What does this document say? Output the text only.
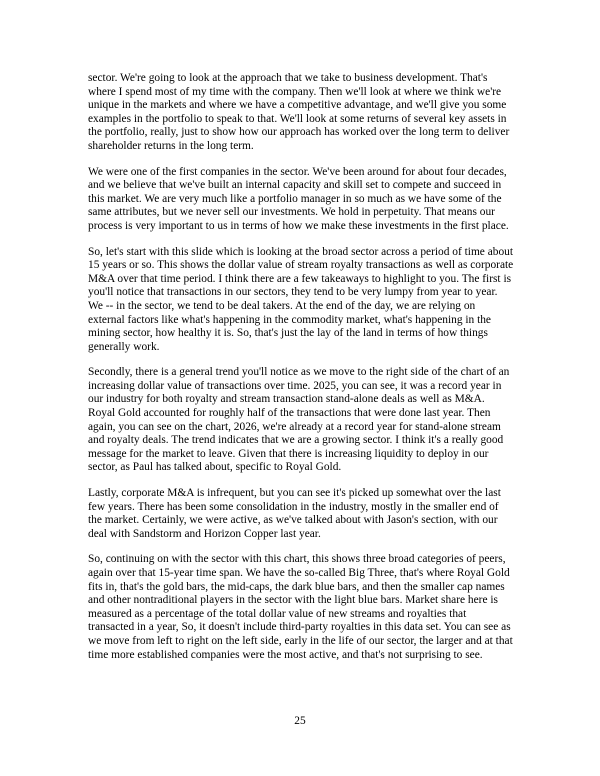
sector. We're going to look at the approach that we take to business development. That's where I spend most of my time with the company. Then we'll look at where we think we're unique in the markets and where we have a competitive advantage, and we'll give you some examples in the portfolio to speak to that. We'll look at some returns of several key assets in the portfolio, really, just to show how our approach has worked over the long term to deliver shareholder returns in the long term.

We were one of the first companies in the sector. We've been around for about four decades, and we believe that we've built an internal capacity and skill set to compete and succeed in this market. We are very much like a portfolio manager in so much as we have some of the same attributes, but we never sell our investments. We hold in perpetuity. That means our process is very important to us in terms of how we make these investments in the first place.

So, let's start with this slide which is looking at the broad sector across a period of time about 15 years or so. This shows the dollar value of stream royalty transactions as well as corporate M&A over that time period. I think there are a few takeaways to highlight to you. The first is you'll notice that transactions in our sectors, they tend to be very lumpy from year to year. We -- in the sector, we tend to be deal takers. At the end of the day, we are relying on external factors like what's happening in the commodity market, what's happening in the mining sector, how healthy it is. So, that's just the lay of the land in terms of how things generally work.

Secondly, there is a general trend you'll notice as we move to the right side of the chart of an increasing dollar value of transactions over time. 2025, you can see, it was a record year in our industry for both royalty and stream transaction stand-alone deals as well as M&A. Royal Gold accounted for roughly half of the transactions that were done last year. Then again, you can see on the chart, 2026, we're already at a record year for stand-alone stream and royalty deals. The trend indicates that we are a growing sector. I think it's a really good message for the market to leave. Given that there is increasing liquidity to deploy in our sector, as Paul has talked about, specific to Royal Gold.

Lastly, corporate M&A is infrequent, but you can see it's picked up somewhat over the last few years. There has been some consolidation in the industry, mostly in the smaller end of the market. Certainly, we were active, as we've talked about with Jason's section, with our deal with Sandstorm and Horizon Copper last year.

So, continuing on with the sector with this chart, this shows three broad categories of peers, again over that 15-year time span. We have the so-called Big Three, that's where Royal Gold fits in, that's the gold bars, the mid-caps, the dark blue bars, and then the smaller cap names and other nontraditional players in the sector with the light blue bars. Market share here is measured as a percentage of the total dollar value of new streams and royalties that transacted in a year, So, it doesn't include third-party royalties in this data set. You can see as we move from left to right on the left side, early in the life of our sector, the larger and at that time more established companies were the most active, and that's not surprising to see.

25
